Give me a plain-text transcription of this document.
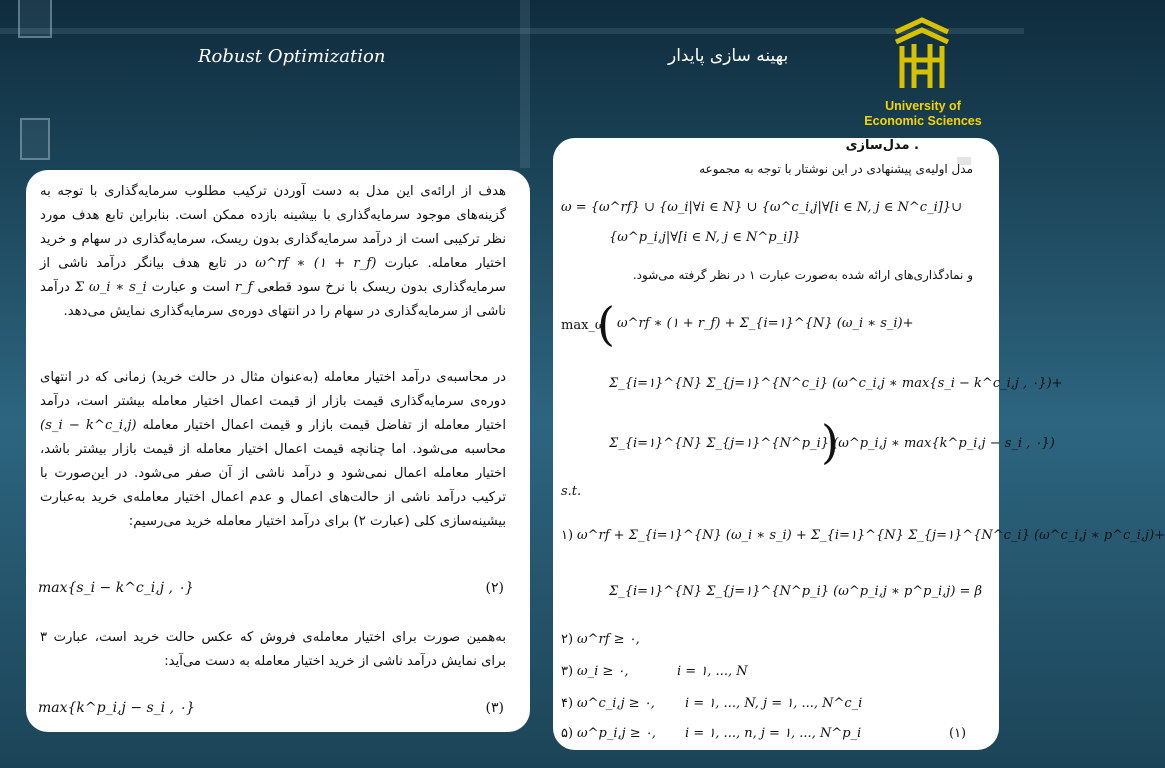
Robust Optimization	بهینه سازی پایدار
University of
Economic Sciences
هدف از ارائه‌ی این مدل به دست آوردن ترکیب مطلوب سرمایه‌گذاری با توجه به گزینه‌های موجود سرمایه‌گذاری با بیشینه بازده ممکن است. بنابراین تابع هدف مورد نظر ترکیبی است از درآمد سرمایه‌گذاری بدون ریسک، سرمایه‌گذاری در سهام و خرید اختیار معامله. عبارت ω^rf ∗ (۱ + r_f) در تابع هدف بیانگر درآمد ناشی از سرمایه‌گذاری بدون ریسک با نرخ سود قطعی r_f است و عبارت Σ ω_i ∗ s_i درآمد ناشی از سرمایه‌گذاری در سهام را در انتهای دوره‌ی سرمایه‌گذاری نمایش می‌دهد.
در محاسبه‌ی درآمد اختیار معامله (به‌عنوان مثال در حالت خرید) زمانی که در انتهای دوره‌ی سرمایه‌گذاری قیمت بازار از قیمت اعمال اختیار معامله بیشتر است، درآمد اختیار معامله از تفاضل قیمت بازار و قیمت اعمال اختیار معامله (s_i − k^c_i,j) محاسبه می‌شود. اما چنانچه قیمت اعمال اختیار معامله از قیمت بازار بیشتر باشد، اختیار معامله اعمال نمی‌شود و درآمد ناشی از آن صفر می‌شود. در این‌صورت با ترکیب درآمد ناشی از حالت‌های اعمال و عدم اعمال اختیار معامله‌ی خرید به‌عبارت بیشینه‌سازی کلی (عبارت ۲) برای درآمد اختیار معامله خرید می‌رسیم:
max{s_i − k^c_i,j , ۰}	(۲)
به‌همین صورت برای اختیار معامله‌ی فروش که عکس حالت خرید است، عبارت ۳ برای نمایش درآمد ناشی از خرید اختیار معامله به دست می‌آید:
max{k^p_i,j − s_i , ۰}	(۳)
. مدل‌سازی
مدل اولیه‌ی پیشنهادی در این نوشتار با توجه به مجموعه
ω = {ω^rf} ∪ {ω_i|∀i ∈ N} ∪ {ω^c_i,j|∀[i ∈ N, j ∈ N^c_i]}∪
{ω^p_i,j|∀[i ∈ N, j ∈ N^p_i]}
و نمادگذاری‌های ارائه شده به‌صورت عبارت ۱ در نظر گرفته می‌شود.
max_ω
( ω^rf ∗ (۱ + r_f) + Σ_{i=۱}^{N} (ω_i ∗ s_i)+
Σ_{i=۱}^{N} Σ_{j=۱}^{N^c_i} (ω^c_i,j ∗ max{s_i − k^c_i,j , ۰})+
Σ_{i=۱}^{N} Σ_{j=۱}^{N^p_i} (ω^p_i,j ∗ max{k^p_i,j − s_i , ۰})
)
s.t.
۱) ω^rf + Σ_{i=۱}^{N} (ω_i ∗ s_i) + Σ_{i=۱}^{N} Σ_{j=۱}^{N^c_i} (ω^c_i,j ∗ p^c_i,j)+
Σ_{i=۱}^{N} Σ_{j=۱}^{N^p_i} (ω^p_i,j ∗ p^p_i,j) = β
۲) ω^rf ≥ ۰,
۳) ω_i ≥ ۰,	i = ۱, ..., N
۴) ω^c_i,j ≥ ۰, i = ۱, ..., N, j = ۱, ..., N^c_i
۵) ω^p_i,j ≥ ۰, i = ۱, ..., n, j = ۱, ..., N^p_i	(۱)
